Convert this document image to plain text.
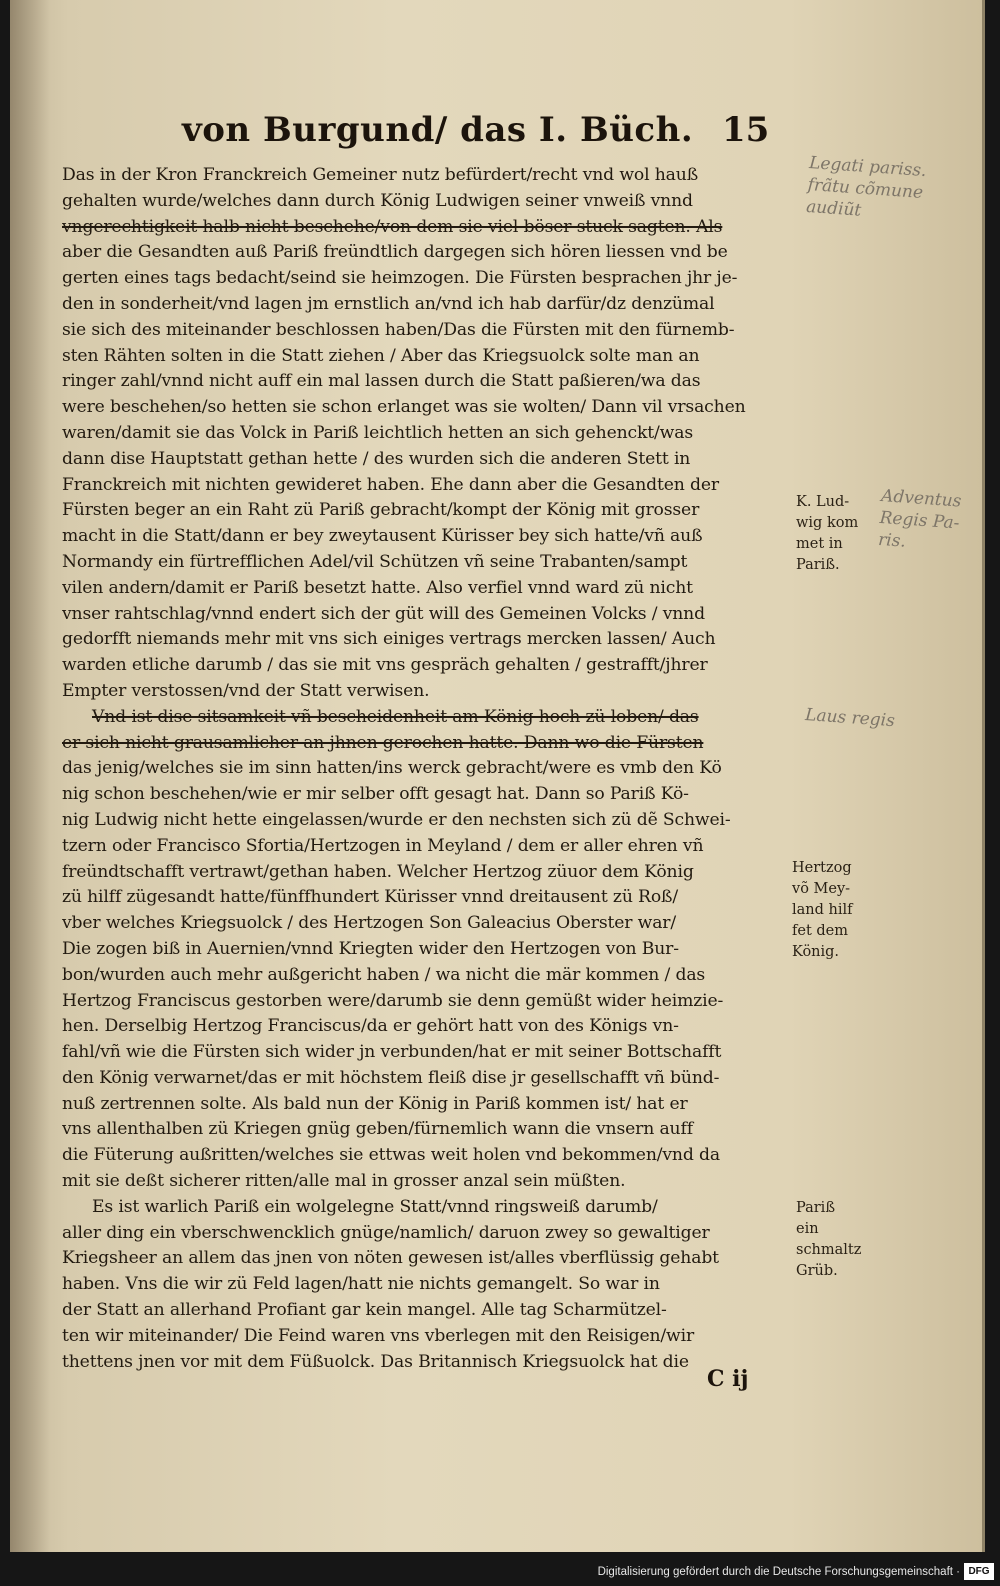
von Burgund/ das I. Büch. 15
Das in der Kron Franckreich Gemeiner nutz befürdert/recht vnd wol hauß
gehalten wurde/welches dann durch König Ludwigen seiner vnweiß vnnd
vngerechtigkeit halb nicht beschehe/von dem sie viel böser stuck sagten. Als
aber die Gesandten auß Pariß freündtlich dargegen sich hören liessen vnd be
gerten eines tags bedacht/seind sie heimzogen. Die Fürsten besprachen jhr je-
den in sonderheit/vnd lagen jm ernstlich an/vnd ich hab darfür/dz denzümal
sie sich des miteinander beschlossen haben/Das die Fürsten mit den fürnemb-
sten Rähten solten in die Statt ziehen / Aber das Kriegsuolck solte man an
ringer zahl/vnnd nicht auff ein mal lassen durch die Statt paßieren/wa das
were beschehen/so hetten sie schon erlanget was sie wolten/ Dann vil vrsachen
waren/damit sie das Volck in Pariß leichtlich hetten an sich gehenckt/was
dann dise Hauptstatt gethan hette / des wurden sich die anderen Stett in
Franckreich mit nichten gewideret haben. Ehe dann aber die Gesandten der
Fürsten beger an ein Raht zü Pariß gebracht/kompt der König mit grosser
macht in die Statt/dann er bey zweytausent Kürisser bey sich hatte/vñ auß
Normandy ein fürtrefflichen Adel/vil Schützen vñ seine Trabanten/sampt
vilen andern/damit er Pariß besetzt hatte. Also verfiel vnnd ward zü nicht
vnser rahtschlag/vnnd endert sich der güt will des Gemeinen Volcks / vnnd
gedorfft niemands mehr mit vns sich einiges vertrags mercken lassen/ Auch
warden etliche darumb / das sie mit vns gespräch gehalten / gestrafft/jhrer
Empter verstossen/vnd der Statt verwisen.
Vnd ist dise sitsamkeit vñ bescheidenheit am König hoch zü loben/ das
er sich nicht grausamlicher an jhnen gerochen hatte. Dann wo die Fürsten
das jenig/welches sie im sinn hatten/ins werck gebracht/were es vmb den Kö
nig schon beschehen/wie er mir selber offt gesagt hat. Dann so Pariß Kö-
nig Ludwig nicht hette eingelassen/wurde er den nechsten sich zü dẽ Schwei-
tzern oder Francisco Sfortia/Hertzogen in Meyland / dem er aller ehren vñ
freündtschafft vertrawt/gethan haben. Welcher Hertzog züuor dem König
zü hilff zügesandt hatte/fünffhundert Kürisser vnnd dreitausent zü Roß/
vber welches Kriegsuolck / des Hertzogen Son Galeacius Oberster war/
Die zogen biß in Auernien/vnnd Kriegten wider den Hertzogen von Bur-
bon/wurden auch mehr außgericht haben / wa nicht die mär kommen / das
Hertzog Franciscus gestorben were/darumb sie denn gemüßt wider heimzie-
hen. Derselbig Hertzog Franciscus/da er gehört hatt von des Königs vn-
fahl/vñ wie die Fürsten sich wider jn verbunden/hat er mit seiner Bottschafft
den König verwarnet/das er mit höchstem fleiß dise jr gesellschafft vñ bünd-
nuß zertrennen solte. Als bald nun der König in Pariß kommen ist/ hat er
vns allenthalben zü Kriegen gnüg geben/fürnemlich wann die vnsern auff
die Füterung außritten/welches sie ettwas weit holen vnd bekommen/vnd da
mit sie deßt sicherer ritten/alle mal in grosser anzal sein müßten.
Es ist warlich Pariß ein wolgelegne Statt/vnnd ringsweiß darumb/
aller ding ein vberschwencklich gnüge/namlich/ daruon zwey so gewaltiger
Kriegsheer an allem das jnen von nöten gewesen ist/alles vberflüssig gehabt
haben. Vns die wir zü Feld lagen/hatt nie nichts gemangelt. So war in
der Statt an allerhand Profiant gar kein mangel. Alle tag Scharmützel-
ten wir miteinander/ Die Feind waren vns vberlegen mit den Reisigen/wir
thettens jnen vor mit dem Füßuolck. Das Britannisch Kriegsuolck hat die
K. Lud-
wig kom
met in
Pariß.
Hertzog
võ Mey-
land hilf
fet dem
König.
Pariß
ein
schmaltz
Grüb.
Legati pariss.
frãtu cõmune
audiũt
Adventus
Regis Pa-
ris.
Laus regis
C ij
Digitalisierung gefördert durch die Deutsche Forschungsgemeinschaft · DFG
